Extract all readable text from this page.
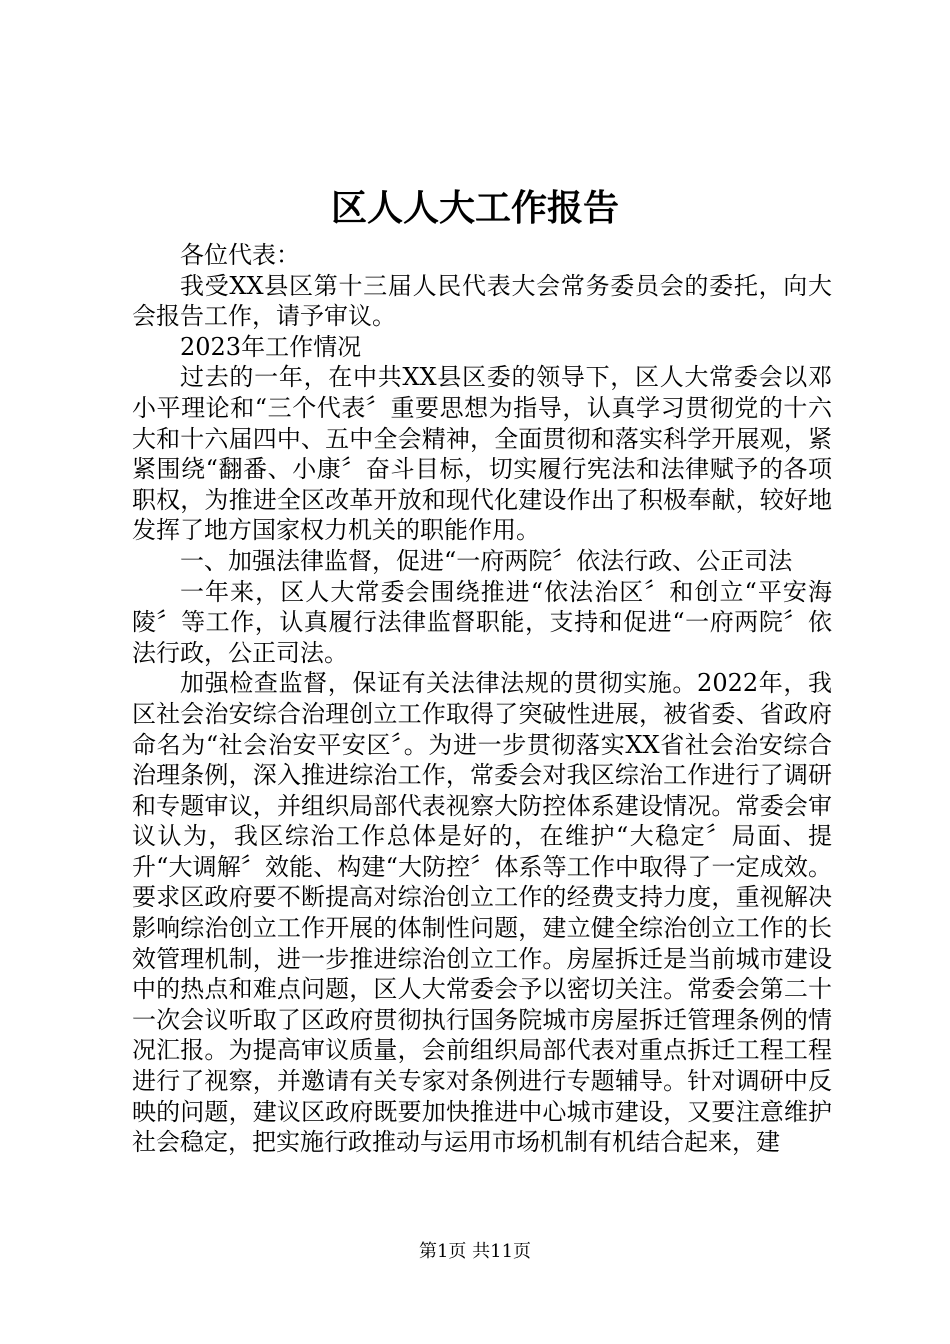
区人人大工作报告

各位代表：

我受XX县区第十三届人民代表大会常务委员会的委托，向大会报告工作，请予审议。

2023年工作情况

过去的一年，在中共XX县区委的领导下，区人大常委会以邓小平理论和“三个代表〞重要思想为指导，认真学习贯彻党的十六大和十六届四中、五中全会精神，全面贯彻和落实科学开展观，紧紧围绕“翻番、小康〞奋斗目标，切实履行宪法和法律赋予的各项职权，为推进全区改革开放和现代化建设作出了积极奉献，较好地发挥了地方国家权力机关的职能作用。

一、加强法律监督，促进“一府两院〞依法行政、公正司法

一年来，区人大常委会围绕推进“依法治区〞和创立“平安海陵〞等工作，认真履行法律监督职能，支持和促进“一府两院〞依法行政，公正司法。

加强检查监督，保证有关法律法规的贯彻实施。2022年，我区社会治安综合治理创立工作取得了突破性进展，被省委、省政府命名为“社会治安平安区〞。为进一步贯彻落实XX省社会治安综合治理条例，深入推进综治工作，常委会对我区综治工作进行了调研和专题审议，并组织局部代表视察大防控体系建设情况。常委会审议认为，我区综治工作总体是好的，在维护“大稳定〞局面、提升“大调解〞效能、构建“大防控〞体系等工作中取得了一定成效。要求区政府要不断提高对综治创立工作的经费支持力度，重视解决影响综治创立工作开展的体制性问题，建立健全综治创立工作的长效管理机制，进一步推进综治创立工作。房屋拆迁是当前城市建设中的热点和难点问题，区人大常委会予以密切关注。常委会第二十一次会议听取了区政府贯彻执行国务院城市房屋拆迁管理条例的情况汇报。为提高审议质量，会前组织局部代表对重点拆迁工程工程进行了视察，并邀请有关专家对条例进行专题辅导。针对调研中反映的问题，建议区政府既要加快推进中心城市建设，又要注意维护社会稳定，把实施行政推动与运用市场机制有机结合起来，建

第1页 共11页
